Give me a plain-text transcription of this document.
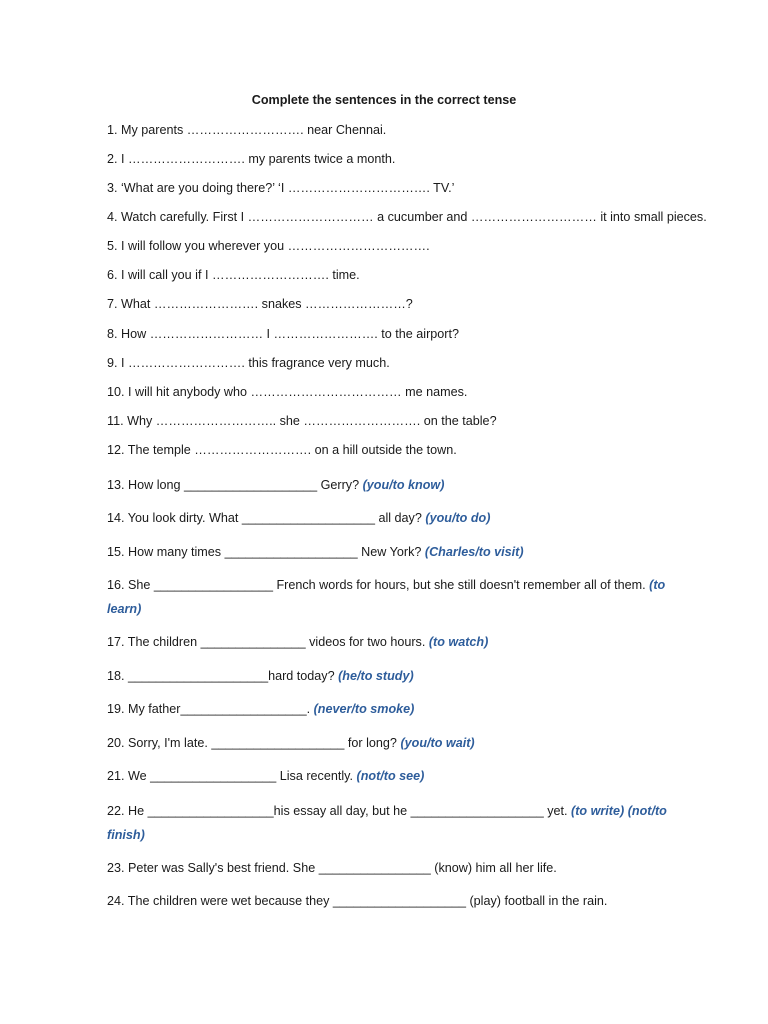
Complete the sentences in the correct tense
1. My parents ………………………. near Chennai.
2. I ………………………. my parents twice a month.
3. ‘What are you doing there?’ ‘I ……………………………. TV.’
4. Watch carefully. First I ………………………… a cucumber and ………………………… it into small pieces.
5. I will follow you wherever you …………………………….
6. I will call you if I ………………………. time.
7. What ……………………. snakes ……………………?
8. How ……………………… I ……………………. to the airport?
9. I ………………………. this fragrance very much.
10. I will hit anybody who ……………………………… me names.
11. Why ……………………….. she ………………………. on the table?
12. The temple ………………………. on a hill outside the town.
13. How long ___________________ Gerry? (you/to know)
14. You look dirty. What ___________________ all day? (you/to do)
15. How many times ___________________ New York? (Charles/to visit)
16. She _________________ French words for hours, but she still doesn't remember all of them. (to learn)
17. The children _______________ videos for two hours. (to watch)
18. ____________________hard today? (he/to study)
19. My father__________________. (never/to smoke)
20. Sorry, I'm late. ___________________ for long? (you/to wait)
21. We __________________ Lisa recently. (not/to see)
22. He __________________his essay all day, but he ___________________ yet. (to write) (not/to finish)
23. Peter was Sally's best friend. She ________________ (know) him all her life.
24. The children were wet because they ___________________ (play) football in the rain.
